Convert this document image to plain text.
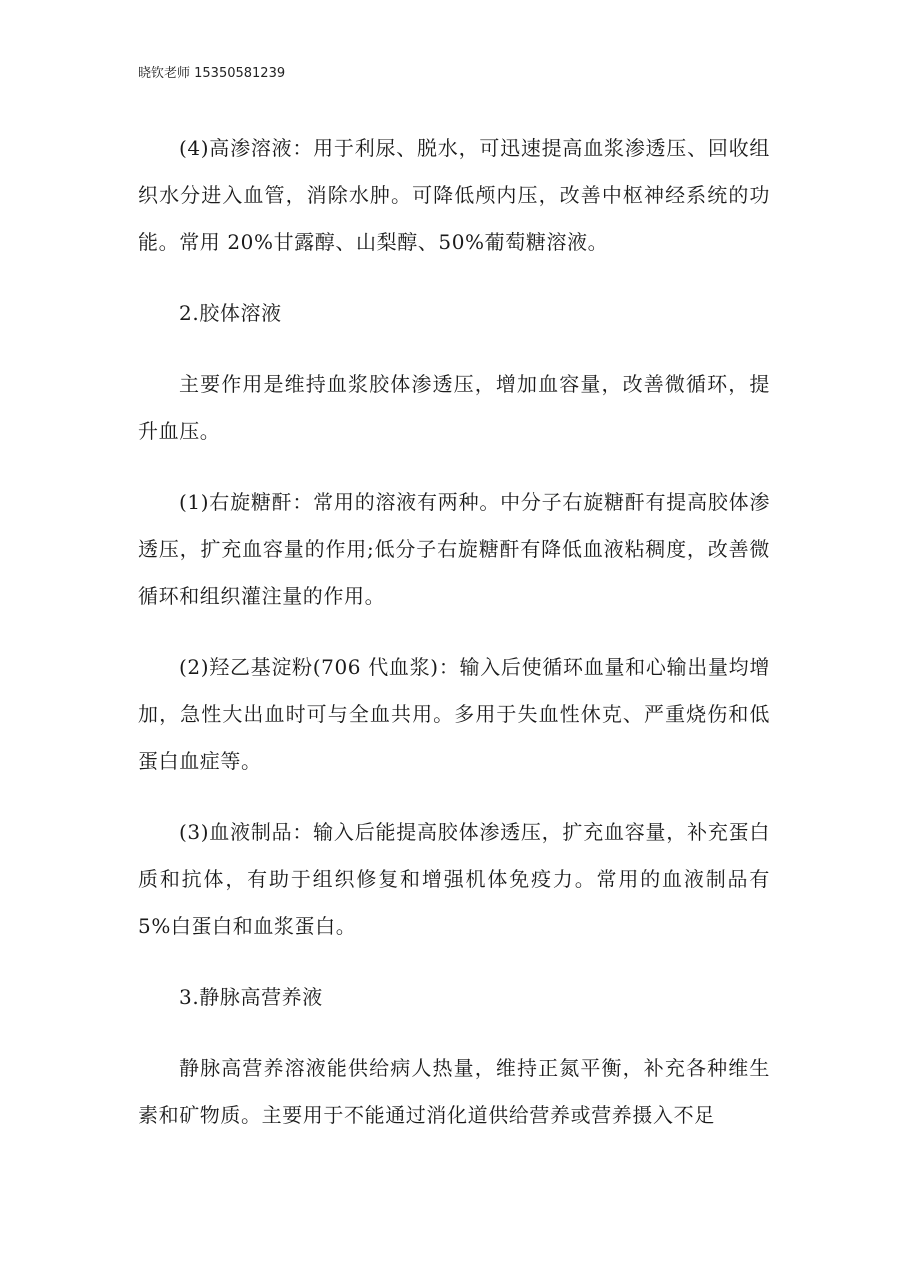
晓钦老师 15350581239

(4)高渗溶液：用于利尿、脱水，可迅速提高血浆渗透压、回收组织水分进入血管，消除水肿。可降低颅内压，改善中枢神经系统的功能。常用 20%甘露醇、山梨醇、50%葡萄糖溶液。

2.胶体溶液

主要作用是维持血浆胶体渗透压，增加血容量，改善微循环，提升血压。

(1)右旋糖酐：常用的溶液有两种。中分子右旋糖酐有提高胶体渗透压，扩充血容量的作用;低分子右旋糖酐有降低血液粘稠度，改善微循环和组织灌注量的作用。

(2)羟乙基淀粉(706 代血浆)：输入后使循环血量和心输出量均增加，急性大出血时可与全血共用。多用于失血性休克、严重烧伤和低蛋白血症等。

(3)血液制品：输入后能提高胶体渗透压，扩充血容量，补充蛋白质和抗体，有助于组织修复和增强机体免疫力。常用的血液制品有 5%白蛋白和血浆蛋白。

3.静脉高营养液

静脉高营养溶液能供给病人热量，维持正氮平衡，补充各种维生素和矿物质。主要用于不能通过消化道供给营养或营养摄入不足
